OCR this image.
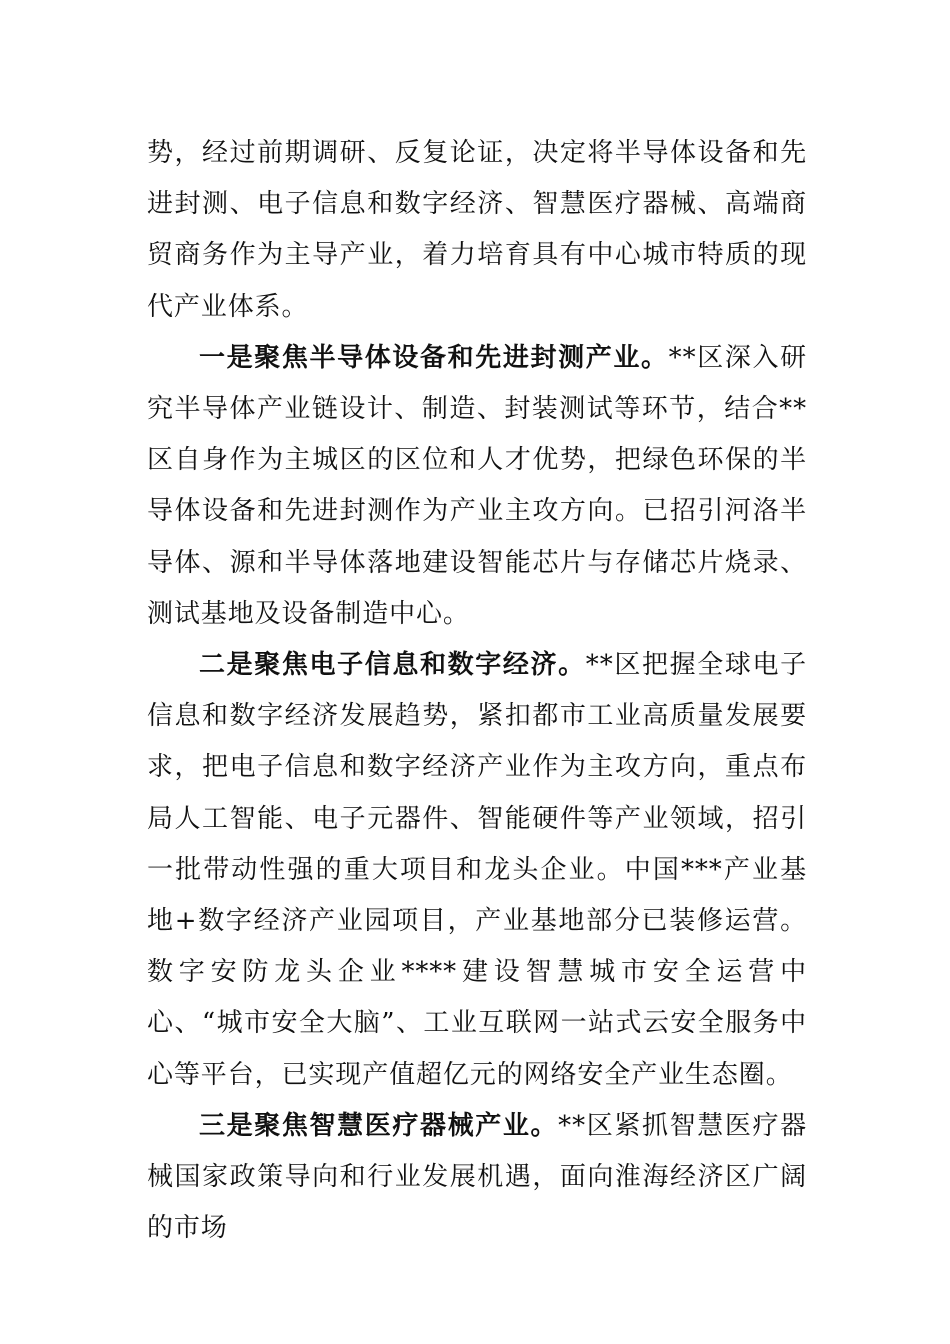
势，经过前期调研、反复论证，决定将半导体设备和先进封测、电子信息和数字经济、智慧医疗器械、高端商贸商务作为主导产业，着力培育具有中心城市特质的现代产业体系。

一是聚焦半导体设备和先进封测产业。**区深入研究半导体产业链设计、制造、封装测试等环节，结合**区自身作为主城区的区位和人才优势，把绿色环保的半导体设备和先进封测作为产业主攻方向。已招引河洛半导体、源和半导体落地建设智能芯片与存储芯片烧录、测试基地及设备制造中心。

二是聚焦电子信息和数字经济。**区把握全球电子信息和数字经济发展趋势，紧扣都市工业高质量发展要求，把电子信息和数字经济产业作为主攻方向，重点布局人工智能、电子元器件、智能硬件等产业领域，招引一批带动性强的重大项目和龙头企业。中国***产业基地+数字经济产业园项目，产业基地部分已装修运营。数字安防龙头企业****建设智慧城市安全运营中心、“城市安全大脑”、工业互联网一站式云安全服务中心等平台，已实现产值超亿元的网络安全产业生态圈。

三是聚焦智慧医疗器械产业。**区紧抓智慧医疗器械国家政策导向和行业发展机遇，面向淮海经济区广阔的市场
